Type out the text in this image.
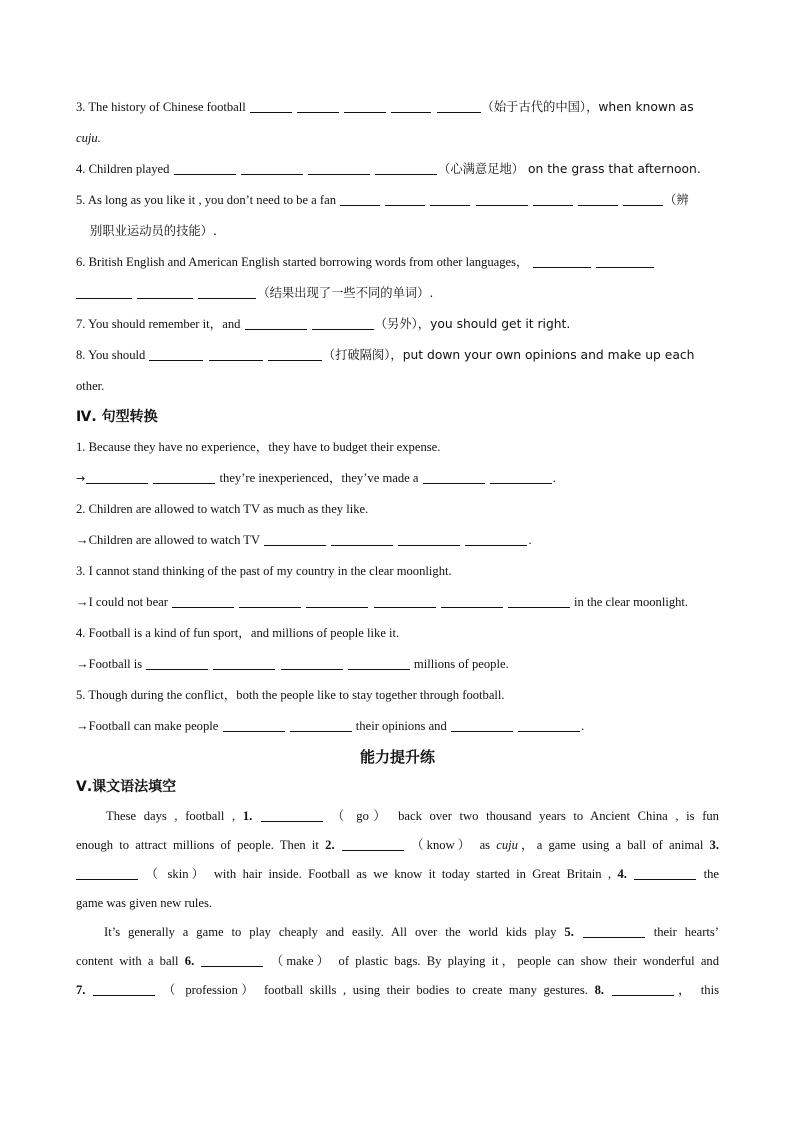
3. The history of Chinese football	（始于古代的中国），when known as
cuju.
4. Children played	（心满意足地） on the grass that afternoon.
5. As long as you like it , you don’t need to be a fan	（辨
别职业运动员的技能）.
6. British English and American English started borrowing words from other languages，
（结果出现了一些不同的单词）.
7. You should remember it，and	（另外），you should get it right.
8. You should	（打破隔阂），put down your own opinions and make up each
other.
Ⅳ. 句型转换
1. Because they have no experience，they have to budget their expense.
→	they’re inexperienced，they’ve made a	.
2. Children are allowed to watch TV as much as they like.
→Children are allowed to watch TV	.
3. I cannot stand thinking of the past of my country in the clear moonlight.
→I could not bear	in the clear moonlight.
4. Football is a kind of fun sport，and millions of people like it.
→Football is	millions of people.
5. Though during the conflict，both the people like to stay together through football.
→Football can make people	their opinions and	.
能力提升练
Ⅴ.课文语法填空
These days , football , 1.	（ go） back over two thousand years to Ancient China , is fun
enough to attract millions of people. Then it 2.	（know） as cuju，a game using a ball of animal 3.
（ skin） with hair inside. Football as we know it today started in Great Britain , 4.	the
game was given new rules.
It’s generally a game to play cheaply and easily. All over the world kids play 5.	their hearts’
content with a ball 6.	（make） of plastic bags. By playing it，people can show their wonderful and
7.	（ profession） football skills , using their bodies to create many gestures. 8.	， this
